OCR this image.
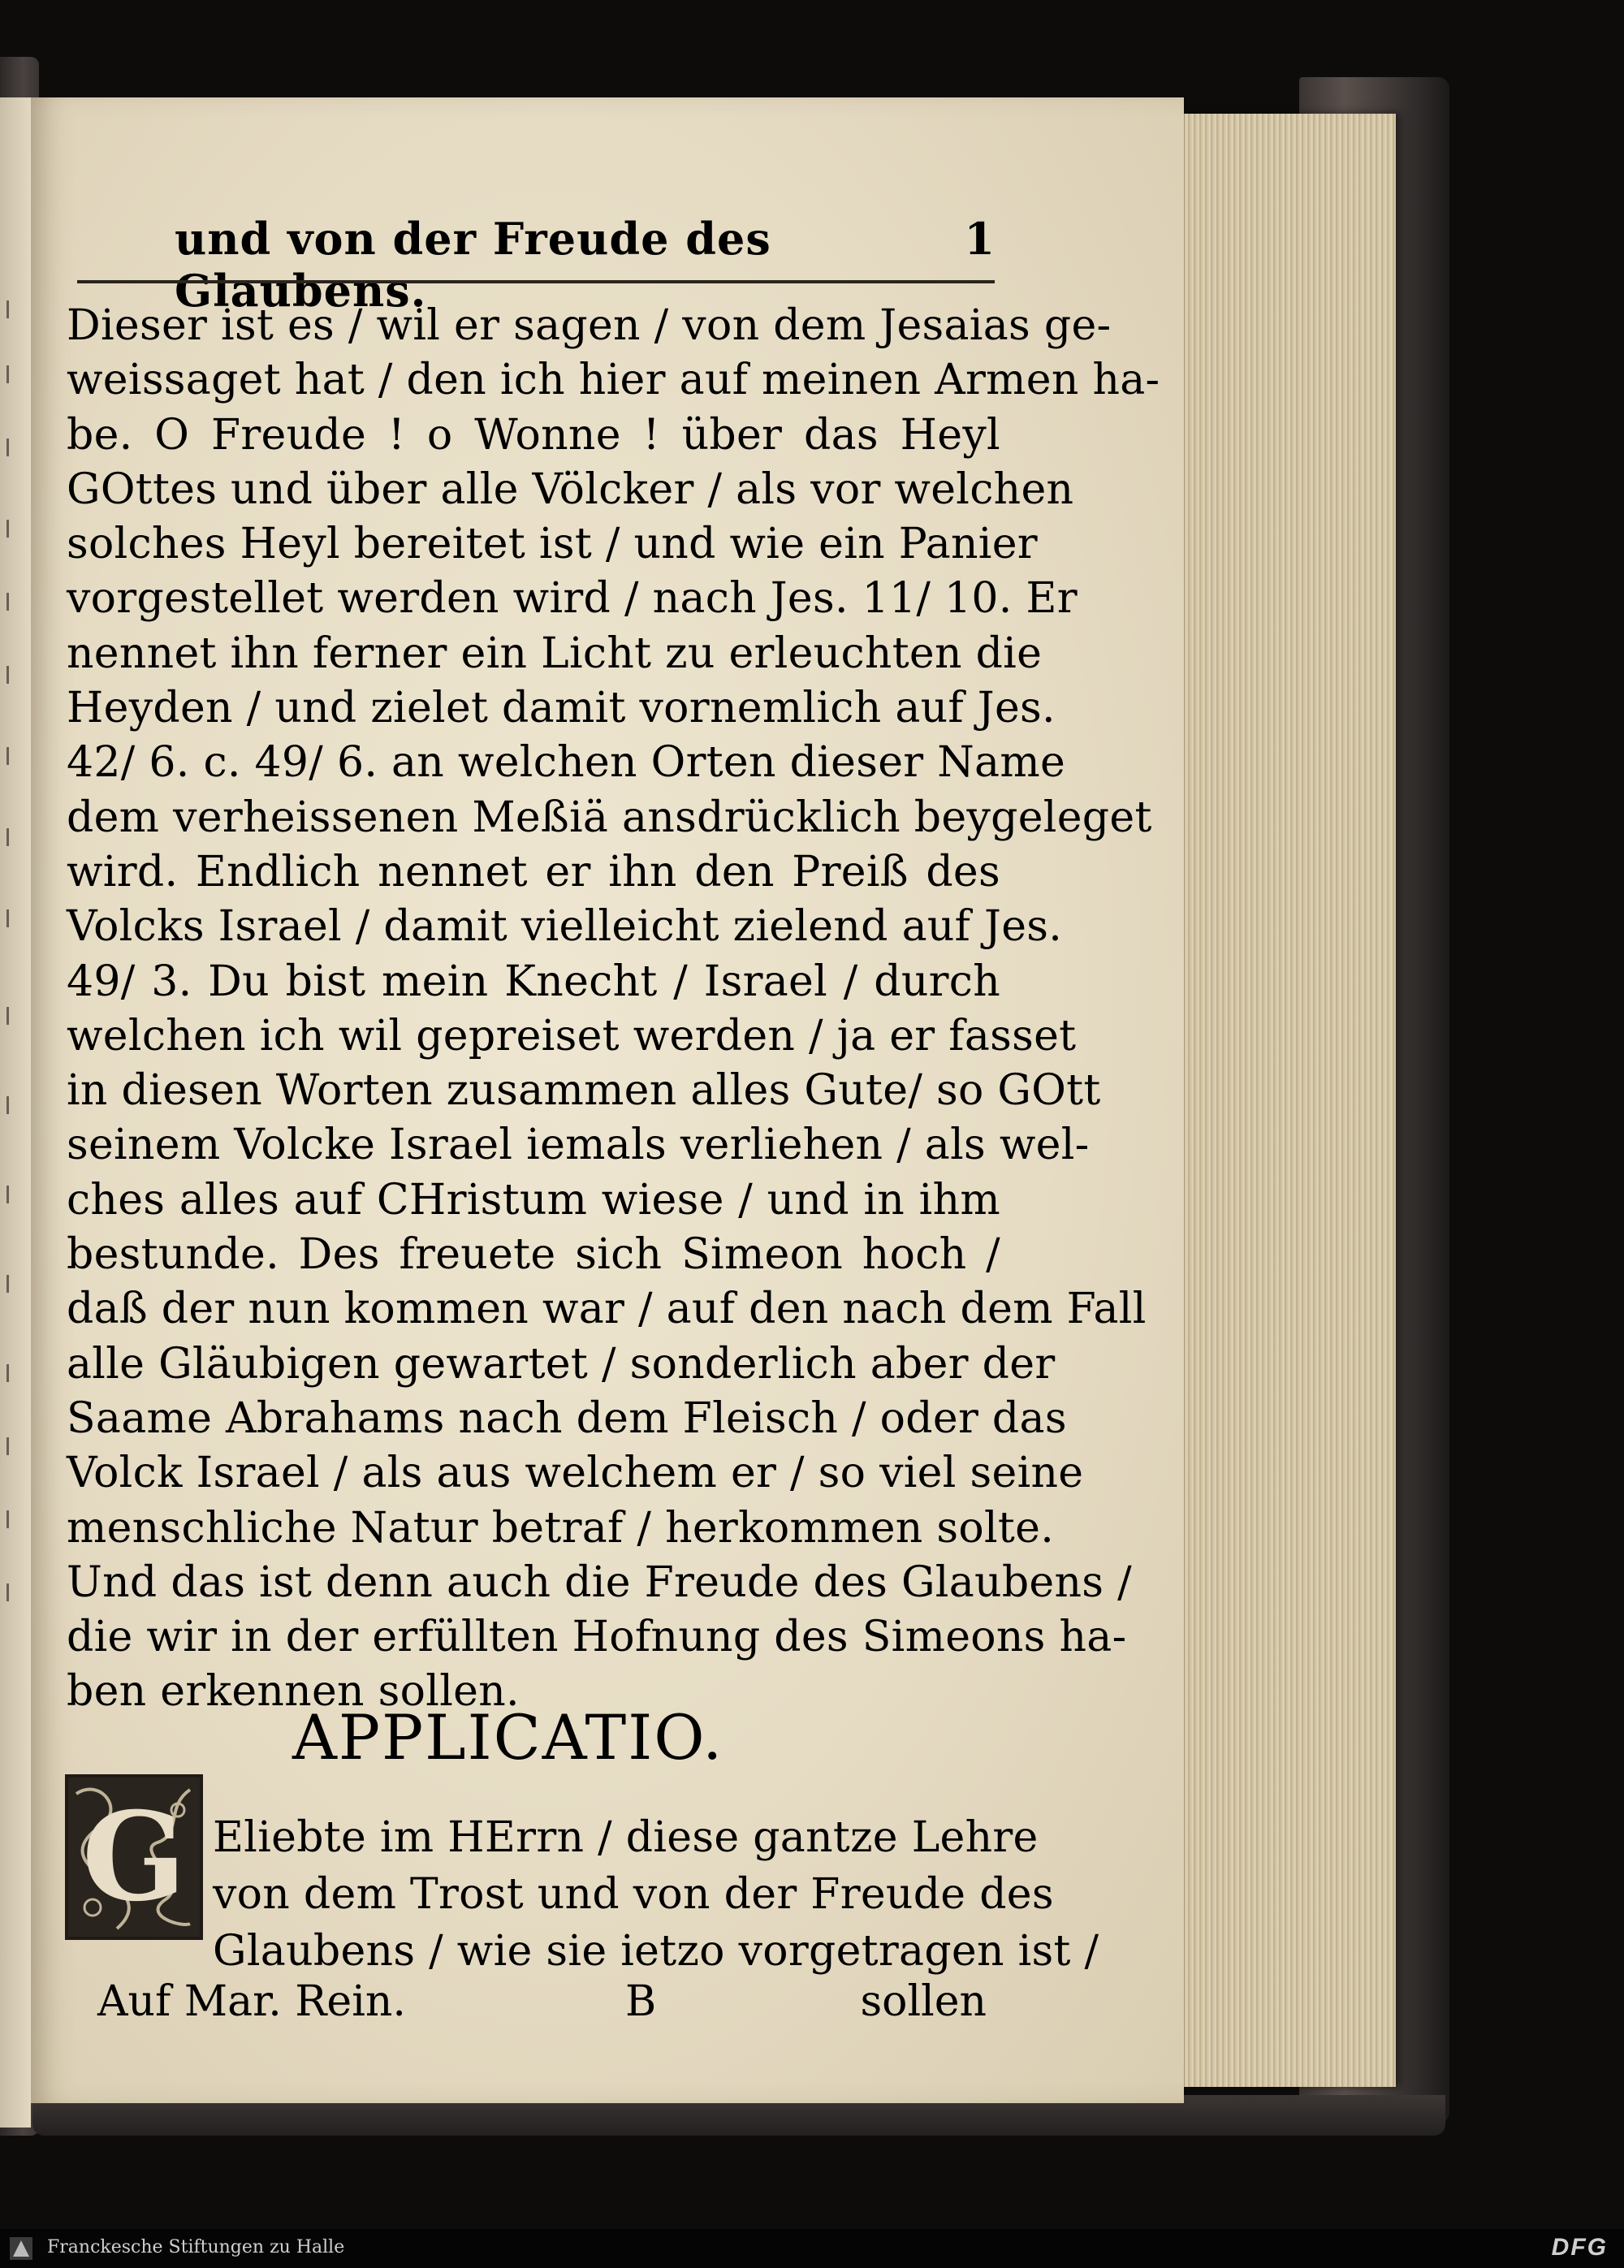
und von der Freude des Glaubens.
1
Dieser ist es / wil er sagen / von dem Jesaias ge-
weissaget hat / den ich hier auf meinen Armen ha-
be. O Freude ! o Wonne ! über das Heyl
GOttes und über alle Völcker / als vor welchen
solches Heyl bereitet ist / und wie ein Panier
vorgestellet werden wird / nach Jes. 11/ 10. Er
nennet ihn ferner ein Licht zu erleuchten die
Heyden / und zielet damit vornemlich auf Jes.
42/ 6. c. 49/ 6. an welchen Orten dieser Name
dem verheissenen Meßiä ansdrücklich beygeleget
wird. Endlich nennet er ihn den Preiß des
Volcks Israel / damit vielleicht zielend auf Jes.
49/ 3. Du bist mein Knecht / Israel / durch
welchen ich wil gepreiset werden / ja er fasset
in diesen Worten zusammen alles Gute/ so GOtt
seinem Volcke Israel iemals verliehen / als wel-
ches alles auf CHristum wiese / und in ihm
bestunde. Des freuete sich Simeon hoch /
daß der nun kommen war / auf den nach dem Fall
alle Gläubigen gewartet / sonderlich aber der
Saame Abrahams nach dem Fleisch / oder das
Volck Israel / als aus welchem er / so viel seine
menschliche Natur betraf / herkommen solte.
Und das ist denn auch die Freude des Glaubens /
die wir in der erfüllten Hofnung des Simeons ha-
ben erkennen sollen.
APPLICATIO.
G Eliebte im HErrn / diese gantze Lehre
von dem Trost und von der Freude des
Glaubens / wie sie ietzo vorgetragen ist /
Auf Mar. Rein.	B	sollen
Franckesche Stiftungen zu Halle	DFG
